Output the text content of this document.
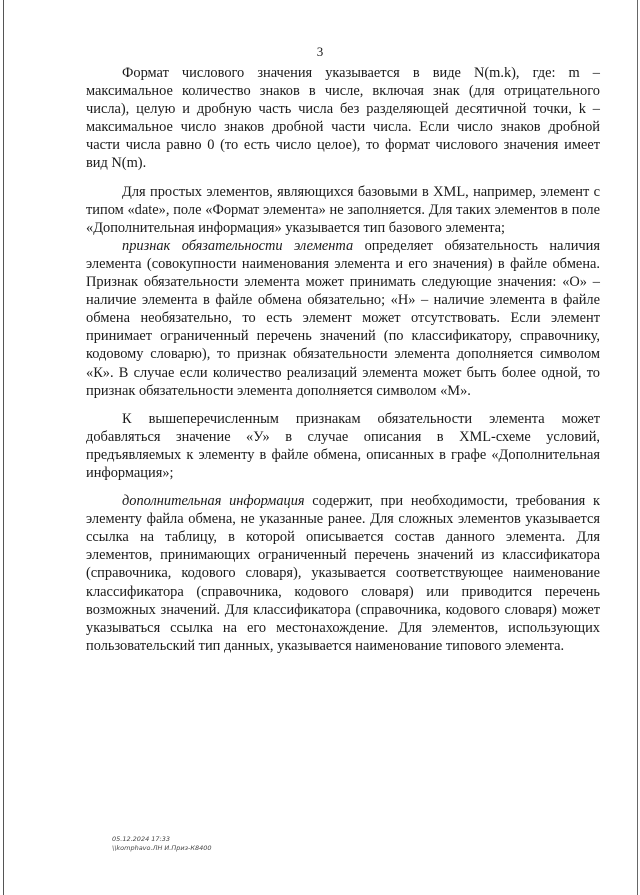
3

Формат числового значения указывается в виде N(m.k), где: m – максимальное количество знаков в числе, включая знак (для отрицательного числа), целую и дробную часть числа без разделяющей десятичной точки, k – максимальное число знаков дробной части числа. Если число знаков дробной части числа равно 0 (то есть число целое), то формат числового значения имеет вид N(m).

Для простых элементов, являющихся базовыми в XML, например, элемент с типом «date», поле «Формат элемента» не заполняется. Для таких элементов в поле «Дополнительная информация» указывается тип базового элемента;

признак обязательности элемента определяет обязательность наличия элемента (совокупности наименования элемента и его значения) в файле обмена. Признак обязательности элемента может принимать следующие значения: «О» – наличие элемента в файле обмена обязательно; «Н» – наличие элемента в файле обмена необязательно, то есть элемент может отсутствовать. Если элемент принимает ограниченный перечень значений (по классификатору, справочнику, кодовому словарю), то признак обязательности элемента дополняется символом «К». В случае если количество реализаций элемента может быть более одной, то признак обязательности элемента дополняется символом «М».

К вышеперечисленным признакам обязательности элемента может добавляться значение «У» в случае описания в XML-схеме условий, предъявляемых к элементу в файле обмена, описанных в графе «Дополнительная информация»;

дополнительная информация содержит, при необходимости, требования к элементу файла обмена, не указанные ранее. Для сложных элементов указывается ссылка на таблицу, в которой описывается состав данного элемента. Для элементов, принимающих ограниченный перечень значений из классификатора (справочника, кодового словаря), указывается соответствующее наименование классификатора (справочника, кодового словаря) или приводится перечень возможных значений. Для классификатора (справочника, кодового словаря) может указываться ссылка на его местонахождение. Для элементов, использующих пользовательский тип данных, указывается наименование типового элемента.

05.12.2024 17:33
\\komphavo.ЛН И.Приз-К8400
